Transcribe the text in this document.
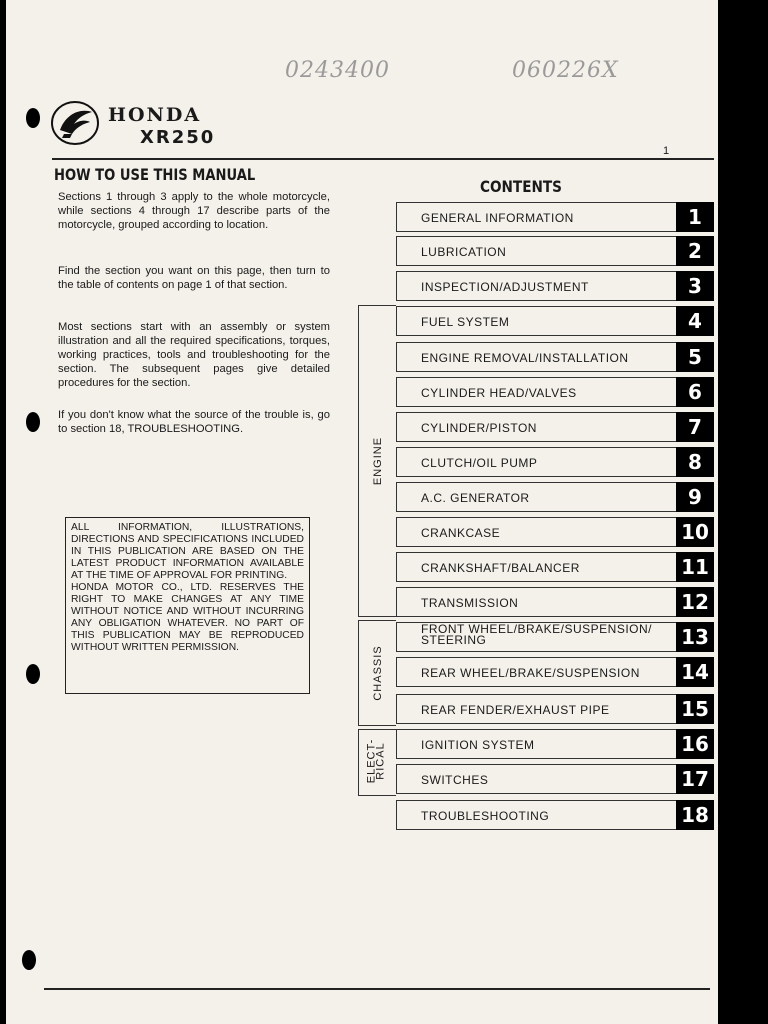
0243400	060226X
HONDA
XR250
1
HOW TO USE THIS MANUAL

Sections 1 through 3 apply to the whole motorcycle, while sections 4 through 17 describe parts of the motorcycle, grouped according to location.

Find the section you want on this page, then turn to the table of contents on page 1 of that section.

Most sections start with an assembly or system illustration and all the required specifications, torques, working practices, tools and troubleshooting for the section. The subsequent pages give detailed procedures for the section.

If you don't know what the source of the trouble is, go to section 18, TROUBLESHOOTING.

ALL INFORMATION, ILLUSTRATIONS, DIRECTIONS AND SPECIFICATIONS INCLUDED IN THIS PUBLICATION ARE BASED ON THE LATEST PRODUCT INFORMATION AVAILABLE AT THE TIME OF APPROVAL FOR PRINTING.

HONDA MOTOR CO., LTD. RESERVES THE RIGHT TO MAKE CHANGES AT ANY TIME WITHOUT NOTICE AND WITHOUT INCURRING ANY OBLIGATION WHATEVER. NO PART OF THIS PUBLICATION MAY BE REPRODUCED WITHOUT WRITTEN PERMISSION.

CONTENTS
ENGINE
CHASSIS
ELECT-
RICAL
GENERAL INFORMATION	1
LUBRICATION	2
INSPECTION/ADJUSTMENT	3
FUEL SYSTEM	4
ENGINE REMOVAL/INSTALLATION	5
CYLINDER HEAD/VALVES	6
CYLINDER/PISTON	7
CLUTCH/OIL PUMP	8
A.C. GENERATOR	9
CRANKCASE	10
CRANKSHAFT/BALANCER	11
TRANSMISSION	12
FRONT WHEEL/BRAKE/SUSPENSION/
STEERING	13
REAR WHEEL/BRAKE/SUSPENSION 14
REAR FENDER/EXHAUST PIPE	15
IGNITION SYSTEM	16
SWITCHES	17
TROUBLESHOOTING	18
